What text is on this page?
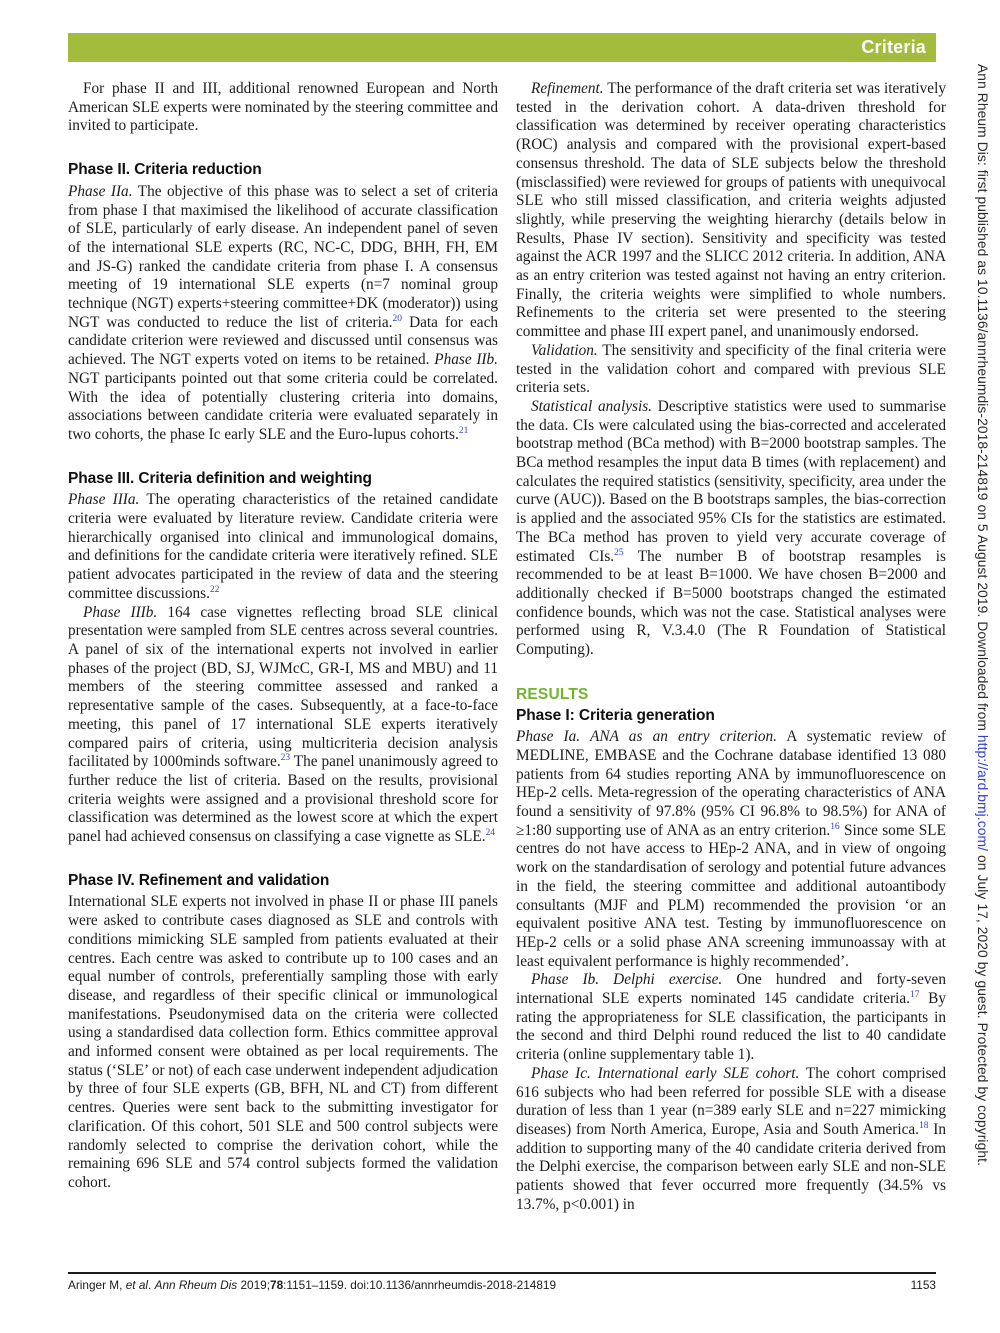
Criteria

For phase II and III, additional renowned European and North American SLE experts were nominated by the steering committee and invited to participate.

Phase II. Criteria reduction

Phase IIa. The objective of this phase was to select a set of criteria from phase I that maximised the likelihood of accurate classification of SLE, particularly of early disease. An independent panel of seven of the international SLE experts (RC, NC-C, DDG, BHH, FH, EM and JS-G) ranked the candidate criteria from phase I. A consensus meeting of 19 international SLE experts (n=7 nominal group technique (NGT) experts+steering committee+DK (moderator)) using NGT was conducted to reduce the list of criteria.$^{20}$ Data for each candidate criterion were reviewed and discussed until consensus was achieved. The NGT experts voted on items to be retained. Phase IIb. NGT participants pointed out that some criteria could be correlated. With the idea of potentially clustering criteria into domains, associations between candidate criteria were evaluated separately in two cohorts, the phase Ic early SLE and the Euro-lupus cohorts.$^{21}$

Phase III. Criteria definition and weighting

Phase IIIa. The operating characteristics of the retained candidate criteria were evaluated by literature review. Candidate criteria were hierarchically organised into clinical and immunological domains, and definitions for the candidate criteria were iteratively refined. SLE patient advocates participated in the review of data and the steering committee discussions.$^{22}$

Phase IIIb. 164 case vignettes reflecting broad SLE clinical presentation were sampled from SLE centres across several countries. A panel of six of the international experts not involved in earlier phases of the project (BD, SJ, WJMcC, GR-I, MS and MBU) and 11 members of the steering committee assessed and ranked a representative sample of the cases. Subsequently, at a face-to-face meeting, this panel of 17 international SLE experts iteratively compared pairs of criteria, using multicriteria decision analysis facilitated by 1000minds software.$^{23}$ The panel unanimously agreed to further reduce the list of criteria. Based on the results, provisional criteria weights were assigned and a provisional threshold score for classification was determined as the lowest score at which the expert panel had achieved consensus on classifying a case vignette as SLE.$^{24}$

Phase IV. Refinement and validation

International SLE experts not involved in phase II or phase III panels were asked to contribute cases diagnosed as SLE and controls with conditions mimicking SLE sampled from patients evaluated at their centres. Each centre was asked to contribute up to 100 cases and an equal number of controls, preferentially sampling those with early disease, and regardless of their specific clinical or immunological manifestations. Pseudonymised data on the criteria were collected using a standardised data collection form. Ethics committee approval and informed consent were obtained as per local requirements. The status (‘SLE’ or not) of each case underwent independent adjudication by three of four SLE experts (GB, BFH, NL and CT) from different centres. Queries were sent back to the submitting investigator for clarification. Of this cohort, 501 SLE and 500 control subjects were randomly selected to comprise the derivation cohort, while the remaining 696 SLE and 574 control subjects formed the validation cohort.

Refinement. The performance of the draft criteria set was iteratively tested in the derivation cohort. A data-driven threshold for classification was determined by receiver operating characteristics (ROC) analysis and compared with the provisional expert-based consensus threshold. The data of SLE subjects below the threshold (misclassified) were reviewed for groups of patients with unequivocal SLE who still missed classification, and criteria weights adjusted slightly, while preserving the weighting hierarchy (details below in Results, Phase IV section). Sensitivity and specificity was tested against the ACR 1997 and the SLICC 2012 criteria. In addition, ANA as an entry criterion was tested against not having an entry criterion. Finally, the criteria weights were simplified to whole numbers. Refinements to the criteria set were presented to the steering committee and phase III expert panel, and unanimously endorsed.

Validation. The sensitivity and specificity of the final criteria were tested in the validation cohort and compared with previous SLE criteria sets.

Statistical analysis. Descriptive statistics were used to summarise the data. CIs were calculated using the bias-corrected and accelerated bootstrap method (BCa method) with B=2000 bootstrap samples. The BCa method resamples the input data B times (with replacement) and calculates the required statistics (sensitivity, specificity, area under the curve (AUC)). Based on the B bootstraps samples, the bias-correction is applied and the associated 95% CIs for the statistics are estimated. The BCa method has proven to yield very accurate coverage of estimated CIs.$^{25}$ The number B of bootstrap resamples is recommended to be at least B=1000. We have chosen B=2000 and additionally checked if B=5000 bootstraps changed the estimated confidence bounds, which was not the case. Statistical analyses were performed using R, V.3.4.0 (The R Foundation of Statistical Computing).

RESULTS
Phase I: Criteria generation

Phase Ia. ANA as an entry criterion. A systematic review of MEDLINE, EMBASE and the Cochrane database identified 13 080 patients from 64 studies reporting ANA by immunofluorescence on HEp-2 cells. Meta-regression of the operating characteristics of ANA found a sensitivity of 97.8% (95% CI 96.8% to 98.5%) for ANA of ≥1:80 supporting use of ANA as an entry criterion.$^{16}$ Since some SLE centres do not have access to HEp-2 ANA, and in view of ongoing work on the standardisation of serology and potential future advances in the field, the steering committee and additional autoantibody consultants (MJF and PLM) recommended the provision ‘or an equivalent positive ANA test. Testing by immunofluorescence on HEp-2 cells or a solid phase ANA screening immunoassay with at least equivalent performance is highly recommended’.

Phase Ib. Delphi exercise. One hundred and forty-seven international SLE experts nominated 145 candidate criteria.$^{17}$ By rating the appropriateness for SLE classification, the participants in the second and third Delphi round reduced the list to 40 candidate criteria (online supplementary table 1).

Phase Ic. International early SLE cohort. The cohort comprised 616 subjects who had been referred for possible SLE with a disease duration of less than 1 year (n=389 early SLE and n=227 mimicking diseases) from North America, Europe, Asia and South America.$^{18}$ In addition to supporting many of the 40 candidate criteria derived from the Delphi exercise, the comparison between early SLE and non-SLE patients showed that fever occurred more frequently (34.5% vs 13.7%, p<0.001) in

Aringer M, et al. Ann Rheum Dis 2019;78:1151–1159. doi:10.1136/annrheumdis-2018-214819	1153
Ann Rheum Dis: first published as 10.1136/annrheumdis-2018-214819 on 5 August 2019. Downloaded from http://ard.bmj.com/ on July 17, 2020 by guest. Protected by copyright.
